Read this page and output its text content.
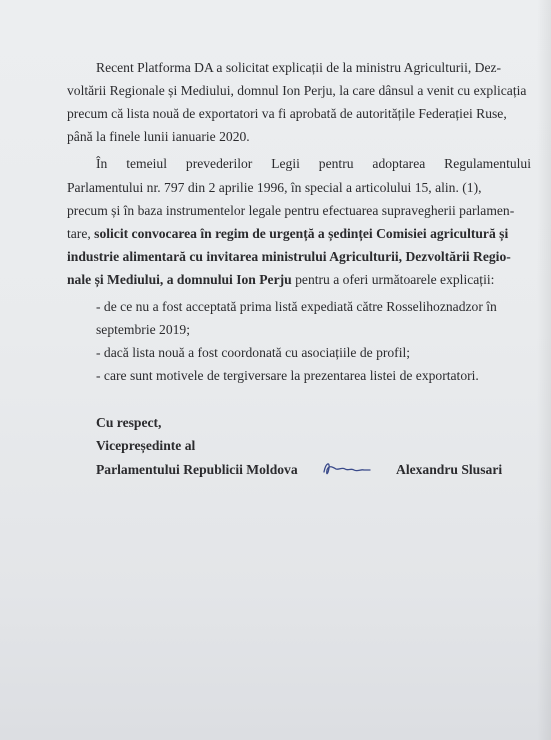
Recent Platforma DA a solicitat explicații de la ministru Agriculturii, Dez-
voltării Regionale și Mediului, domnul Ion Perju, la care dânsul a venit cu explicația
precum că lista nouă de exportatori va fi aprobată de autoritățile Federației Ruse,
până la finele lunii ianuarie 2020.
În temeiul prevederilor Legii pentru adoptarea Regulamentului
Parlamentului nr. 797 din 2 aprilie 1996, în special a articolului 15, alin. (1),
precum și în baza instrumentelor legale pentru efectuarea supravegherii parlamen-
tare, solicit convocarea în regim de urgență a ședinței Comisiei agricultură și
industrie alimentară cu invitarea ministrului Agriculturii, Dezvoltării Regio-
nale și Mediului, a domnului Ion Perju pentru a oferi următoarele explicații:
- de ce nu a fost acceptată prima listă expediată către Rosselihoznadzor în
septembrie 2019;
- dacă lista nouă a fost coordonată cu asociațiile de profil;
- care sunt motivele de tergiversare la prezentarea listei de exportatori.
Cu respect,
Vicepreședinte al
Parlamentului Republicii Moldova	Alexandru Slusari
